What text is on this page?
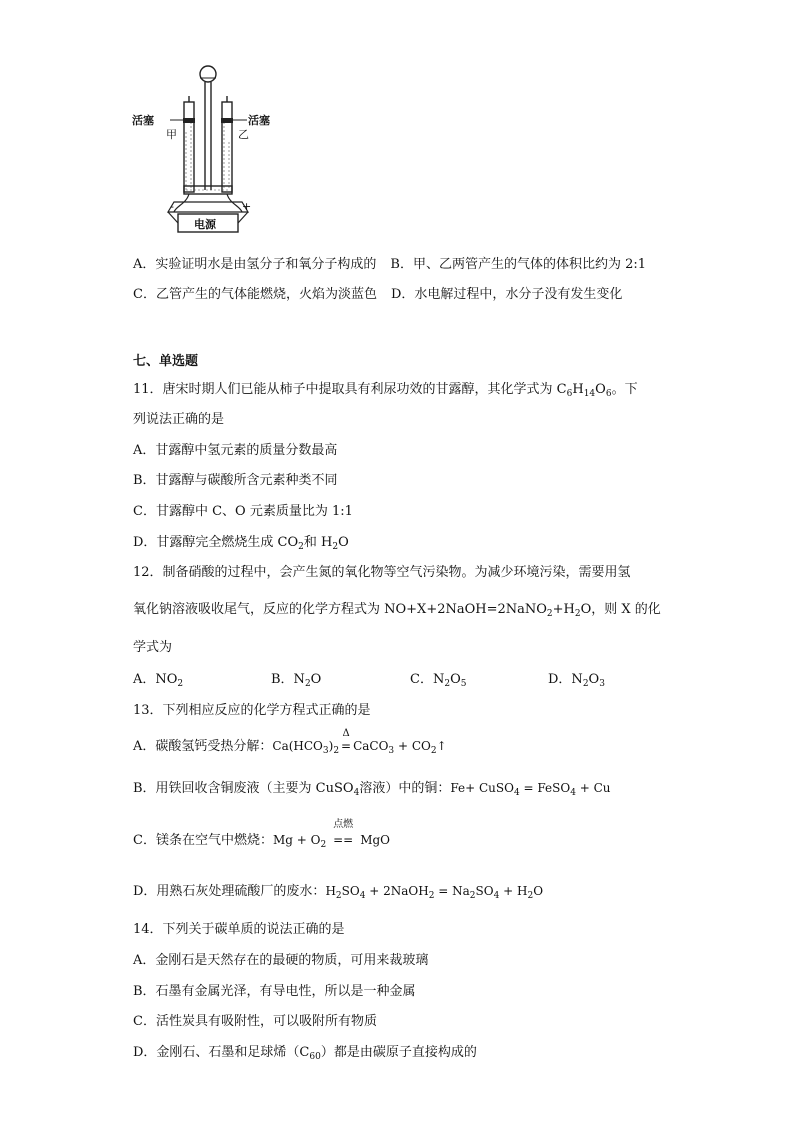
活塞
甲
活塞
乙
-	+
电源
A．实验证明水是由氢分子和氧分子构成的 B．甲、乙两管产生的气体的体积比约为 2:1
C．乙管产生的气体能燃烧，火焰为淡蓝色 D．水电解过程中，水分子没有发生变化
七、单选题
11．唐宋时期人们已能从柿子中提取具有利尿功效的甘露醇，其化学式为 $C_6H_{14}O_6$。下
列说法正确的是
A．甘露醇中氢元素的质量分数最高
B．甘露醇与碳酸所含元素种类不同
C．甘露醇中 C、O 元素质量比为 1:1
D．甘露醇完全燃烧生成 $CO_2$和 $H_2O$
12．制备硝酸的过程中，会产生氮的氧化物等空气污染物。为减少环境污染，需要用氢
氧化钠溶液吸收尾气，反应的化学方程式为 $NO+X+2NaOH=2NaNO_2+H_2O$，则 X 的化
学式为
A．$NO_2$	B．$N_2O$	C．$N_2O_5$	D．$N_2O_3$
13．下列相应反应的化学方程式正确的是
A．碳酸氢钙受热分解：$Ca(HCO_3)_2$
Δ
= CaCO$_3$ + $CO_2↑$
B．用铁回收含铜废液（主要为 CuSO$_4$溶液）中的铜：Fe+ CuSO$_4$ = FeSO$_4$ + Cu
C．镁条在空气中燃烧：$Mg + O_2$
点燃
== MgO
D．用熟石灰处理硫酸厂的废水：$H_2SO_4$ + 2NaOH$_2$ = $Na_2SO_4 + H_2O$
14．下列关于碳单质的说法正确的是
A．金刚石是天然存在的最硬的物质，可用来裁玻璃
B．石墨有金属光泽，有导电性，所以是一种金属
C．活性炭具有吸附性，可以吸附所有物质
D．金刚石、石墨和足球烯$(C_{60})$都是由碳原子直接构成的
